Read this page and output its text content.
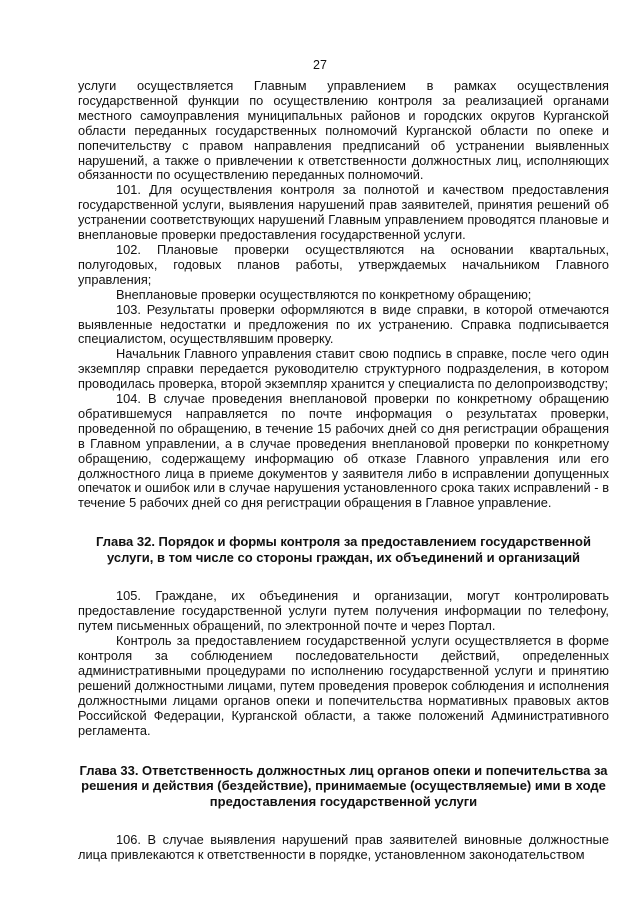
27

услуги осуществляется Главным управлением в рамках осуществления государственной функции по осуществлению контроля за реализацией органами местного самоуправления муниципальных районов и городских округов Курганской области переданных государственных полномочий Курганской области по опеке и попечительству с правом направления предписаний об устранении выявленных нарушений, а также о привлечении к ответственности должностных лиц, исполняющих обязанности по осуществлению переданных полномочий.

101. Для осуществления контроля за полнотой и качеством предоставления государственной услуги, выявления нарушений прав заявителей, принятия решений об устранении соответствующих нарушений Главным управлением проводятся плановые и внеплановые проверки предоставления государственной услуги.

102. Плановые проверки осуществляются на основании квартальных, полугодовых, годовых планов работы, утверждаемых начальником Главного управления;

Внеплановые проверки осуществляются по конкретному обращению;

103. Результаты проверки оформляются в виде справки, в которой отмечаются выявленные недостатки и предложения по их устранению. Справка подписывается специалистом, осуществлявшим проверку.

Начальник Главного управления ставит свою подпись в справке, после чего один экземпляр справки передается руководителю структурного подразделения, в котором проводилась проверка, второй экземпляр хранится у специалиста по делопроизводству;

104. В случае проведения внеплановой проверки по конкретному обращению обратившемуся направляется по почте информация о результатах проверки, проведенной по обращению, в течение 15 рабочих дней со дня регистрации обращения в Главном управлении, а в случае проведения внеплановой проверки по конкретному обращению, содержащему информацию об отказе Главного управления или его должностного лица в приеме документов у заявителя либо в исправлении допущенных опечаток и ошибок или в случае нарушения установленного срока таких исправлений - в течение 5 рабочих дней со дня регистрации обращения в Главное управление.

Глава 32. Порядок и формы контроля за предоставлением государственной услуги, в том числе со стороны граждан, их объединений и организаций

105. Граждане, их объединения и организации, могут контролировать предоставление государственной услуги путем получения информации по телефону, путем письменных обращений, по электронной почте и через Портал.

Контроль за предоставлением государственной услуги осуществляется в форме контроля за соблюдением последовательности действий, определенных административными процедурами по исполнению государственной услуги и принятию решений должностными лицами, путем проведения проверок соблюдения и исполнения должностными лицами органов опеки и попечительства нормативных правовых актов Российской Федерации, Курганской области, а также положений Административного регламента.

Глава 33. Ответственность должностных лиц органов опеки и попечительства за решения и действия (бездействие), принимаемые (осуществляемые) ими в ходе предоставления государственной услуги

106. В случае выявления нарушений прав заявителей виновные должностные лица привлекаются к ответственности в порядке, установленном законодательством
